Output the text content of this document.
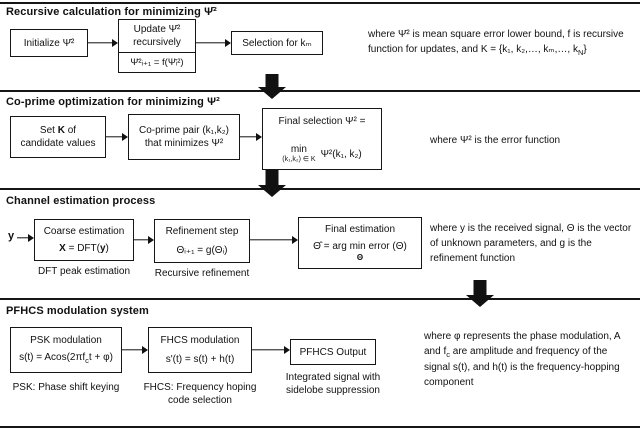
Recursive calculation for minimizing Ψ̄²
Initialize Ψ̄²
Update Ψ̄² recursively
Ψ̄²ᵢ₊₁ = f(Ψ̄ᵢ²)
Selection for kₘ
where Ψ̄² is mean square error lower bound, f is recursive function for updates, and K = {k₁, k₂,…, kₘ,…, $k_N$}
Co-prime optimization for minimizing Ψ²
Set K of
candidate values
Co-prime pair (k₁,k₂) that minimizes Ψ²
Final selection Ψ² =
min
(k₁,k₂) ∈ K Ψ²(k₁, k₂)
where Ψ² is the error function
Channel estimation process
y	Coarse estimation
X = DFT(y)
DFT peak estimation
Refinement step
Θᵢ₊₁ = g(Θᵢ)
Recursive refinement
Final estimation
Θ̂ = arg min error (Θ)
Θ
where y is the received signal, Θ is the vector of unknown parameters, and g is the refinement function
PFHCS modulation system
PSK modulation
$s(t) = Acos(2\pi f_ct + \varphi)$
PSK: Phase shift keying
FHCS modulation
s'(t) = s(t) + h(t)
FHCS: Frequency hoping code selection
PFHCS Output
Integrated signal with sidelobe suppression
where φ represents the phase modulation, A and $f_c$ are amplitude and frequency of the signal s(t), and h(t) is the frequency-hopping component
